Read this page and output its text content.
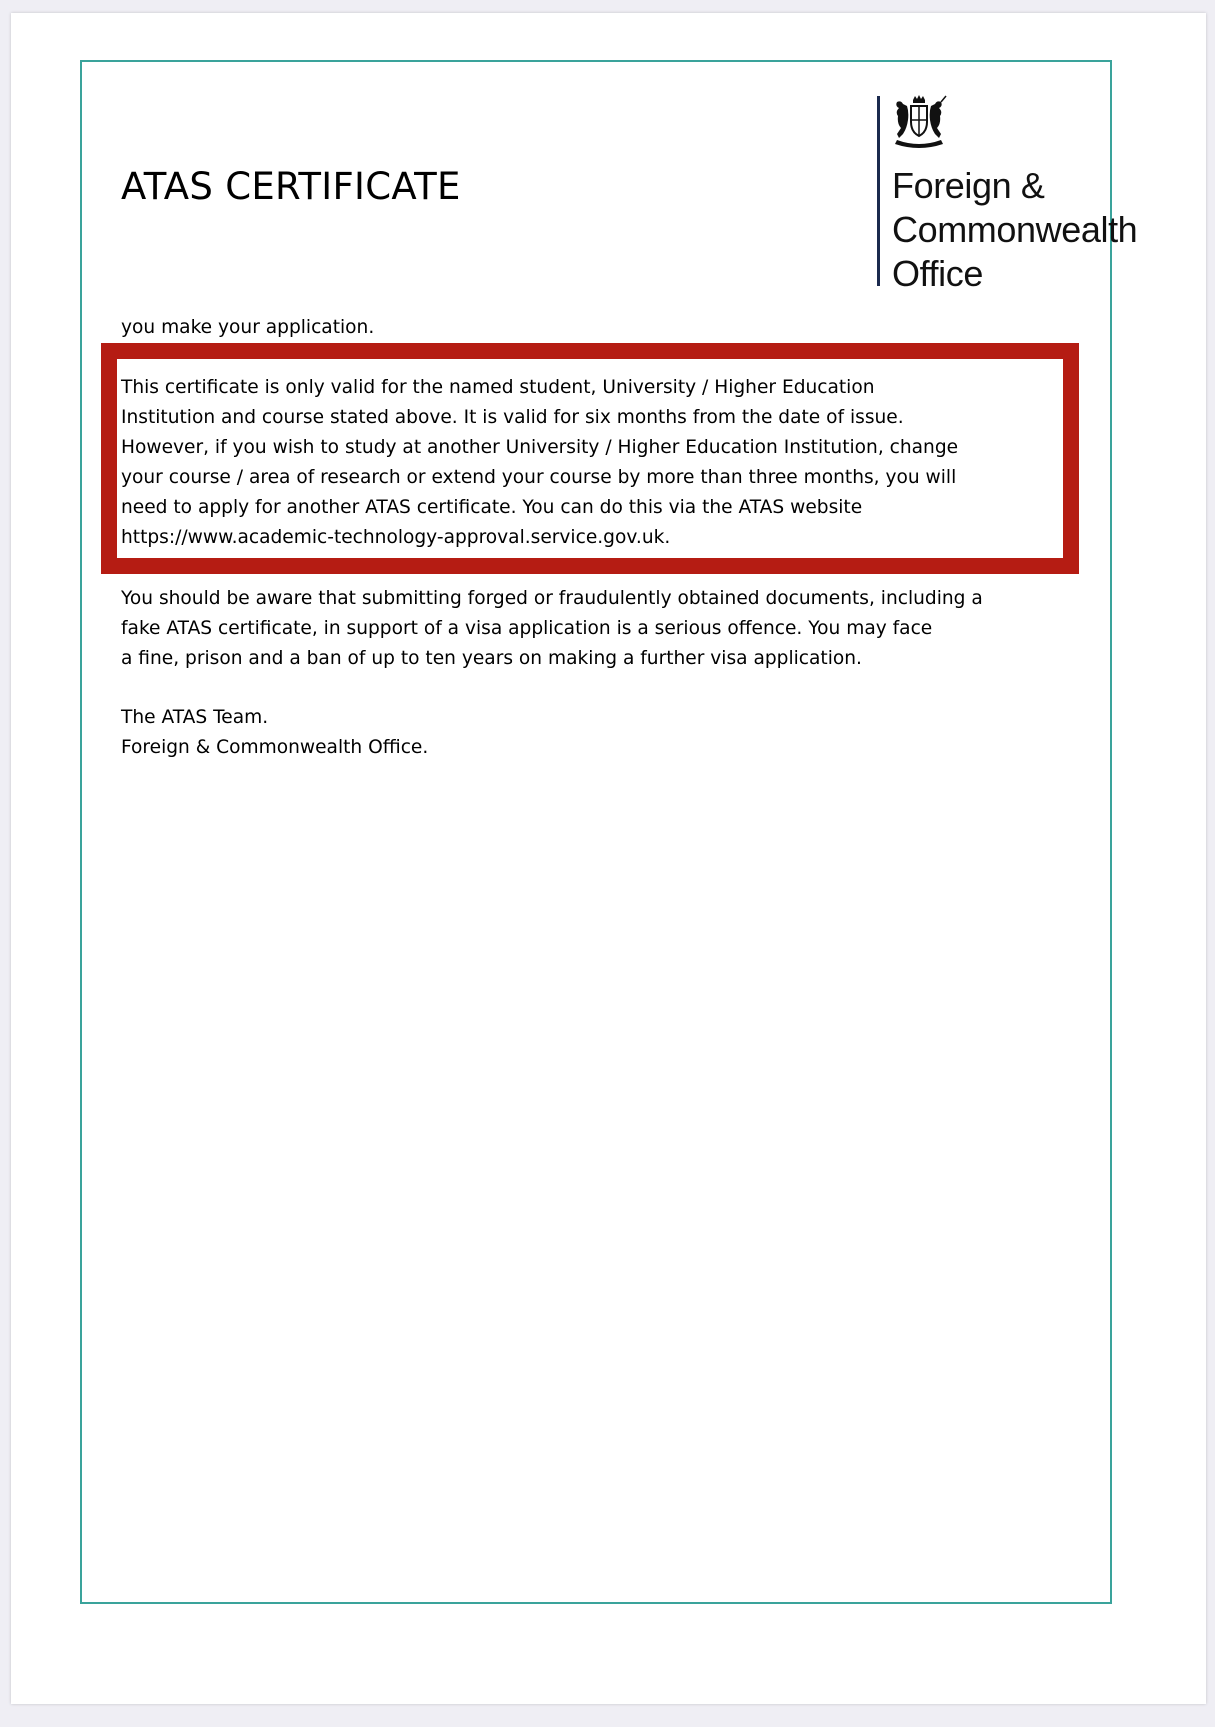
ATAS CERTIFICATE	Foreign &
Commonwealth
Office

you make your application.

This certificate is only valid for the named student, University / Higher Education
Institution and course stated above. It is valid for six months from the date of issue.
However, if you wish to study at another University / Higher Education Institution, change
your course / area of research or extend your course by more than three months, you will
need to apply for another ATAS certificate. You can do this via the ATAS website
https://www.academic-technology-approval.service.gov.uk.

You should be aware that submitting forged or fraudulently obtained documents, including a
fake ATAS certificate, in support of a visa application is a serious offence. You may face
a fine, prison and a ban of up to ten years on making a further visa application.

The ATAS Team.
Foreign & Commonwealth Office.
